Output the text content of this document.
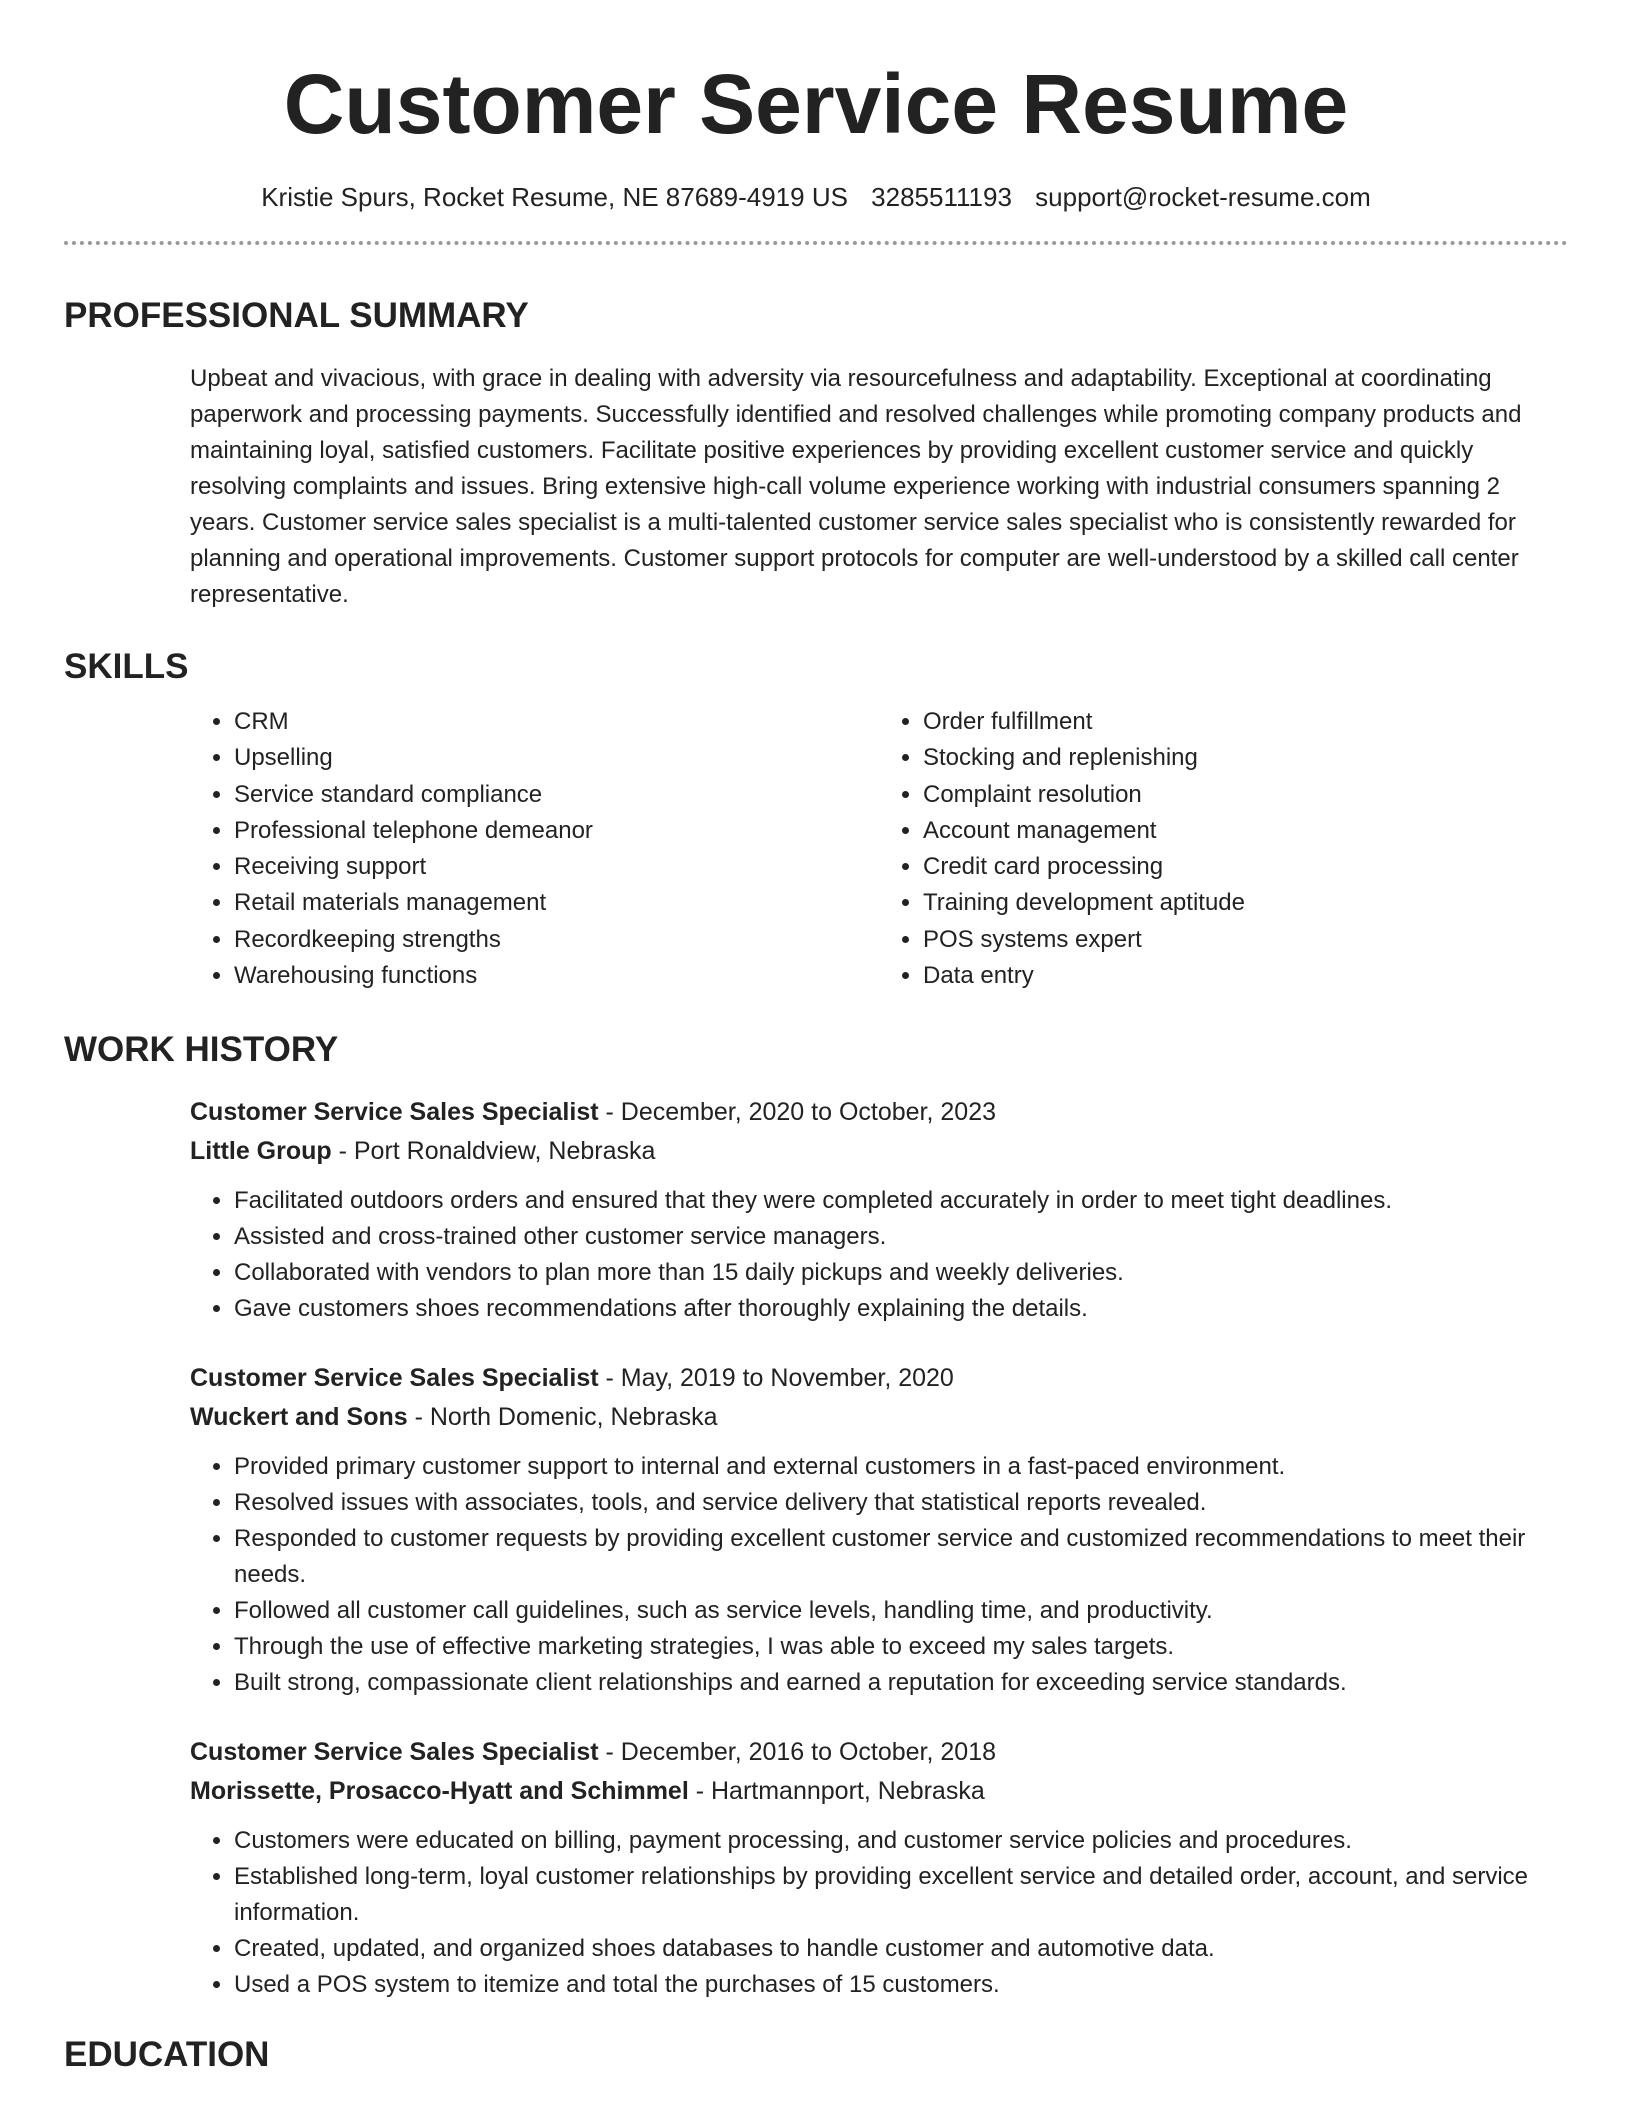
Customer Service Resume
Kristie Spurs, Rocket Resume, NE 87689-4919 US 3285511193 support@rocket-resume.com
PROFESSIONAL SUMMARY

Upbeat and vivacious, with grace in dealing with adversity via resourcefulness and adaptability. Exceptional at coordinating paperwork and processing payments. Successfully identified and resolved challenges while promoting company products and maintaining loyal, satisfied customers. Facilitate positive experiences by providing excellent customer service and quickly resolving complaints and issues. Bring extensive high-call volume experience working with industrial consumers spanning 2 years. Customer service sales specialist is a multi-talented customer service sales specialist who is consistently rewarded for planning and operational improvements. Customer support protocols for computer are well-understood by a skilled call center representative.

SKILLS
• CRM
• Upselling
• Service standard compliance
• Professional telephone demeanor
• Receiving support
• Retail materials management
• Recordkeeping strengths
• Warehousing functions
• Order fulfillment
• Stocking and replenishing
• Complaint resolution
• Account management
• Credit card processing
• Training development aptitude
• POS systems expert
• Data entry
WORK HISTORY
Customer Service Sales Specialist - December, 2020 to October, 2023
Little Group - Port Ronaldview, Nebraska
• Facilitated outdoors orders and ensured that they were completed accurately in order to meet tight deadlines.
• Assisted and cross-trained other customer service managers.
• Collaborated with vendors to plan more than 15 daily pickups and weekly deliveries.
• Gave customers shoes recommendations after thoroughly explaining the details.
Customer Service Sales Specialist - May, 2019 to November, 2020
Wuckert and Sons - North Domenic, Nebraska
• Provided primary customer support to internal and external customers in a fast-paced environment.
• Resolved issues with associates, tools, and service delivery that statistical reports revealed.
• Responded to customer requests by providing excellent customer service and customized recommendations to meet their needs.
• Followed all customer call guidelines, such as service levels, handling time, and productivity.
• Through the use of effective marketing strategies, I was able to exceed my sales targets.
• Built strong, compassionate client relationships and earned a reputation for exceeding service standards.
Customer Service Sales Specialist - December, 2016 to October, 2018
Morissette, Prosacco-Hyatt and Schimmel - Hartmannport, Nebraska
• Customers were educated on billing, payment processing, and customer service policies and procedures.
• Established long-term, loyal customer relationships by providing excellent service and detailed order, account, and service information.
• Created, updated, and organized shoes databases to handle customer and automotive data.
• Used a POS system to itemize and total the purchases of 15 customers.
EDUCATION
